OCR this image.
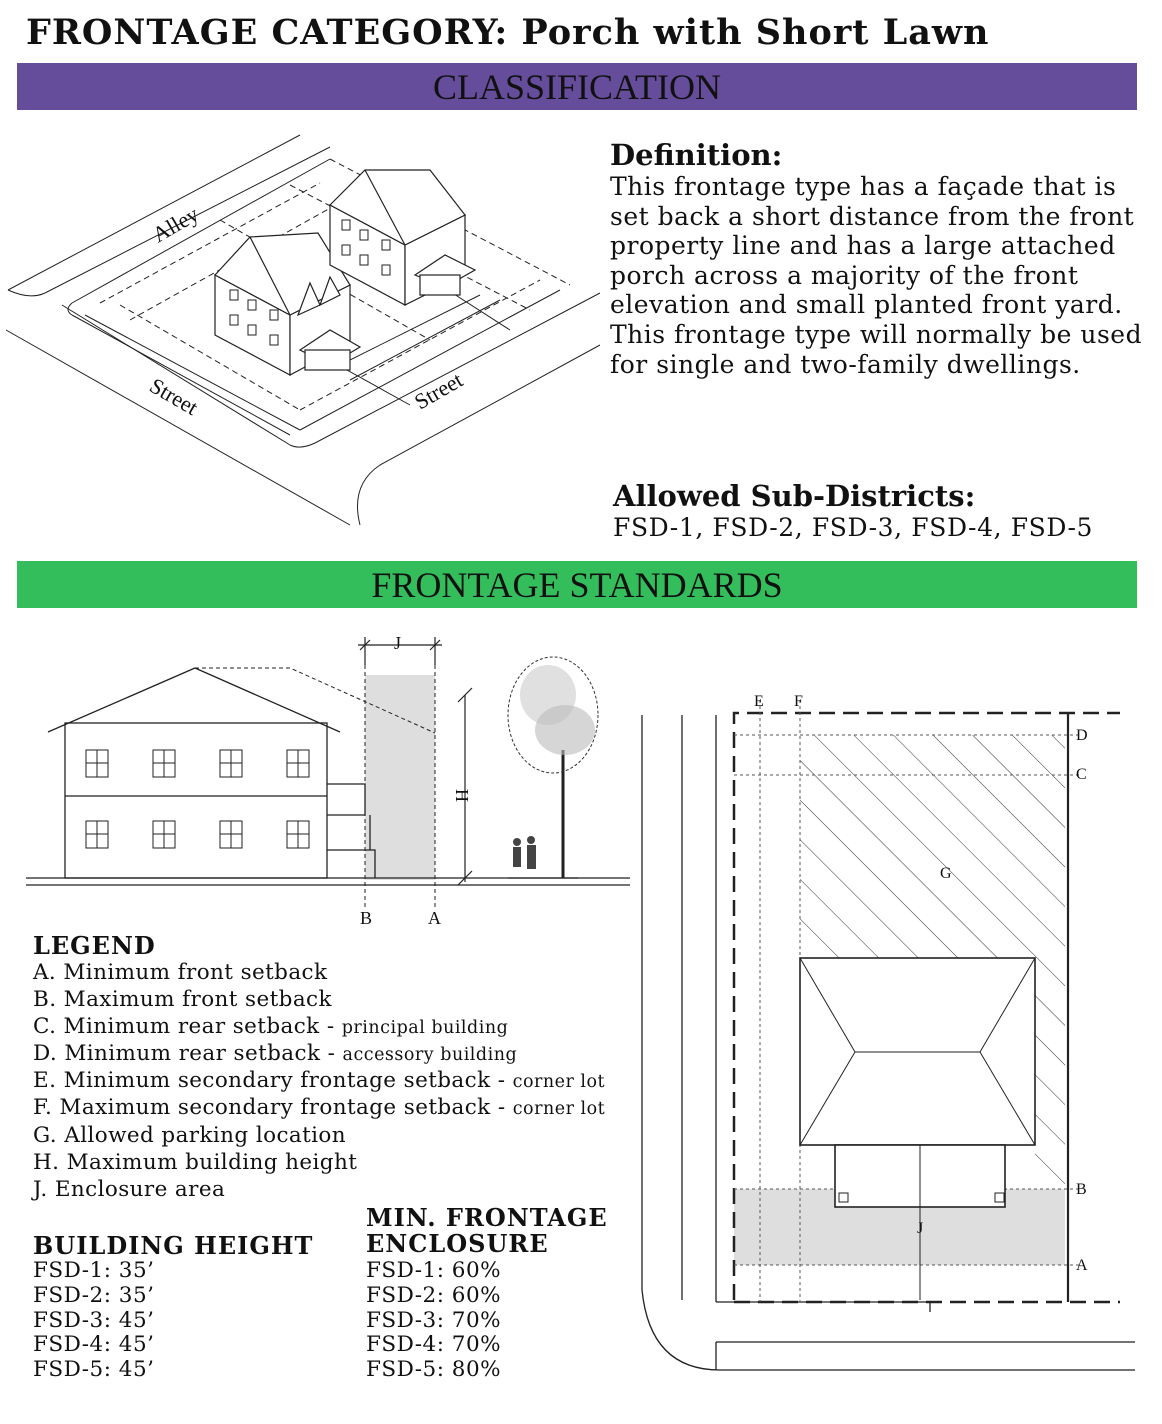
FRONTAGE CATEGORY: Porch with Short Lawn
CLASSIFICATION
Alley
Street	Street
Definition:
This frontage type has a façade that is set back a short distance from the front property line and has a large attached porch across a majority of the front elevation and small planted front yard. This frontage type will normally be used for single and two-family dwellings.
Allowed Sub-Districts:
FSD-1, FSD-2, FSD-3, FSD-4, FSD-5
FRONTAGE STANDARDS
J
H
B	A
E F
D
C
G
B
A
J
LEGEND
A. Minimum front setback
B. Maximum front setback
C. Minimum rear setback - principal building
D. Minimum rear setback - accessory building
E. Minimum secondary frontage setback - corner lot
F. Maximum secondary frontage setback - corner lot
G. Allowed parking location
H. Maximum building height
J. Enclosure area
BUILDING HEIGHT
FSD-1: 35’
FSD-2: 35’
FSD-3: 45’
FSD-4: 45’
FSD-5: 45’
MIN. FRONTAGE
ENCLOSURE
FSD-1: 60%
FSD-2: 60%
FSD-3: 70%
FSD-4: 70%
FSD-5: 80%
